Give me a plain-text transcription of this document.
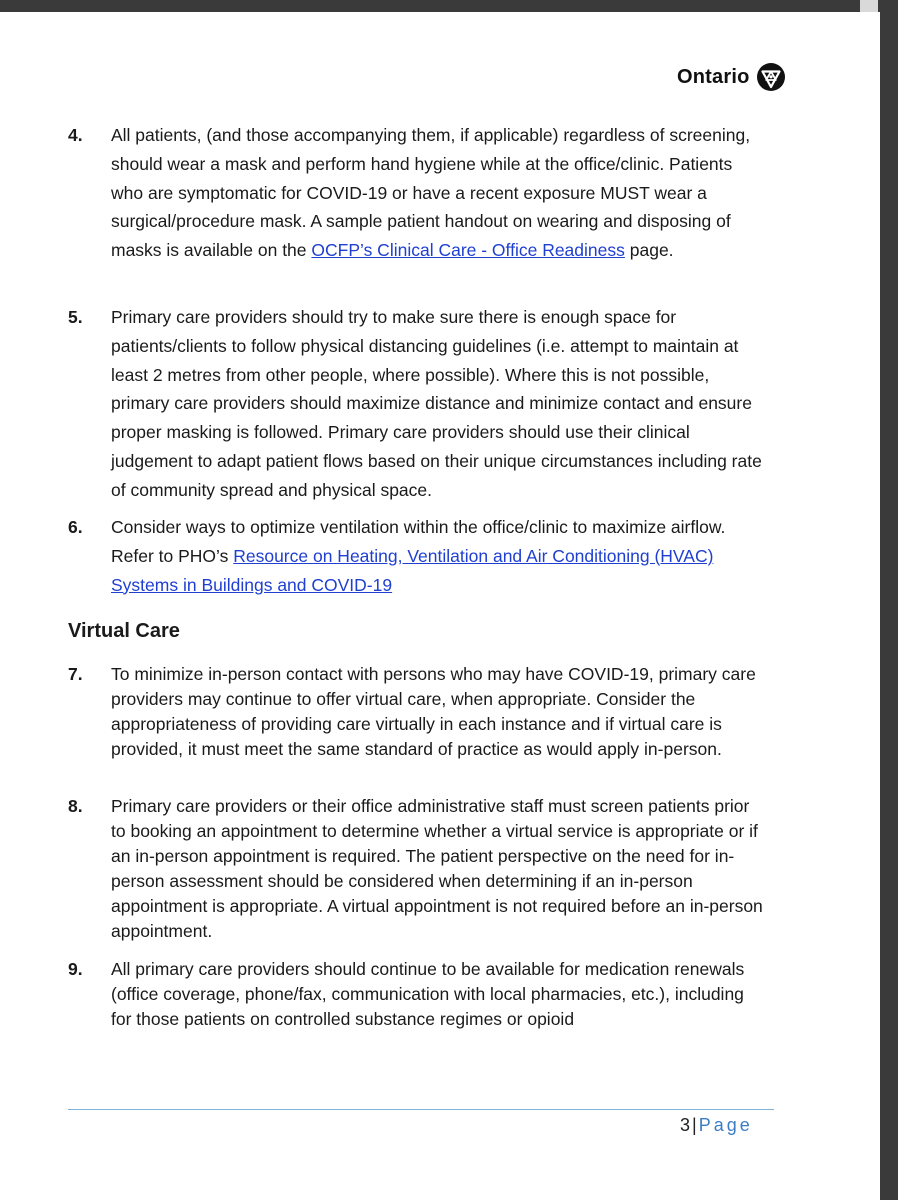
Ontario
4.	All patients, (and those accompanying them, if applicable) regardless of screening, should wear a mask and perform hand hygiene while at the office/clinic. Patients who are symptomatic for COVID-19 or have a recent exposure MUST wear a surgical/procedure mask. A sample patient handout on wearing and disposing of masks is available on the OCFP’s Clinical Care - Office Readiness page.
5.	Primary care providers should try to make sure there is enough space for patients/clients to follow physical distancing guidelines (i.e. attempt to maintain at least 2 metres from other people, where possible). Where this is not possible, primary care providers should maximize distance and minimize contact and ensure proper masking is followed. Primary care providers should use their clinical judgement to adapt patient flows based on their unique circumstances including rate of community spread and physical space.
6.	Consider ways to optimize ventilation within the office/clinic to maximize airflow. Refer to PHO’s Resource on Heating, Ventilation and Air Conditioning (HVAC) Systems in Buildings and COVID-19
Virtual Care
7.	To minimize in-person contact with persons who may have COVID-19, primary care providers may continue to offer virtual care, when appropriate. Consider the appropriateness of providing care virtually in each instance and if virtual care is provided, it must meet the same standard of practice as would apply in-person.
8.	Primary care providers or their office administrative staff must screen patients prior to booking an appointment to determine whether a virtual service is appropriate or if an in-person appointment is required. The patient perspective on the need for in-person assessment should be considered when determining if an in-person appointment is appropriate. A virtual appointment is not required before an in-person appointment.
9.	All primary care providers should continue to be available for medication renewals (office coverage, phone/fax, communication with local pharmacies, etc.), including for those patients on controlled substance regimes or opioid
3 | Page
